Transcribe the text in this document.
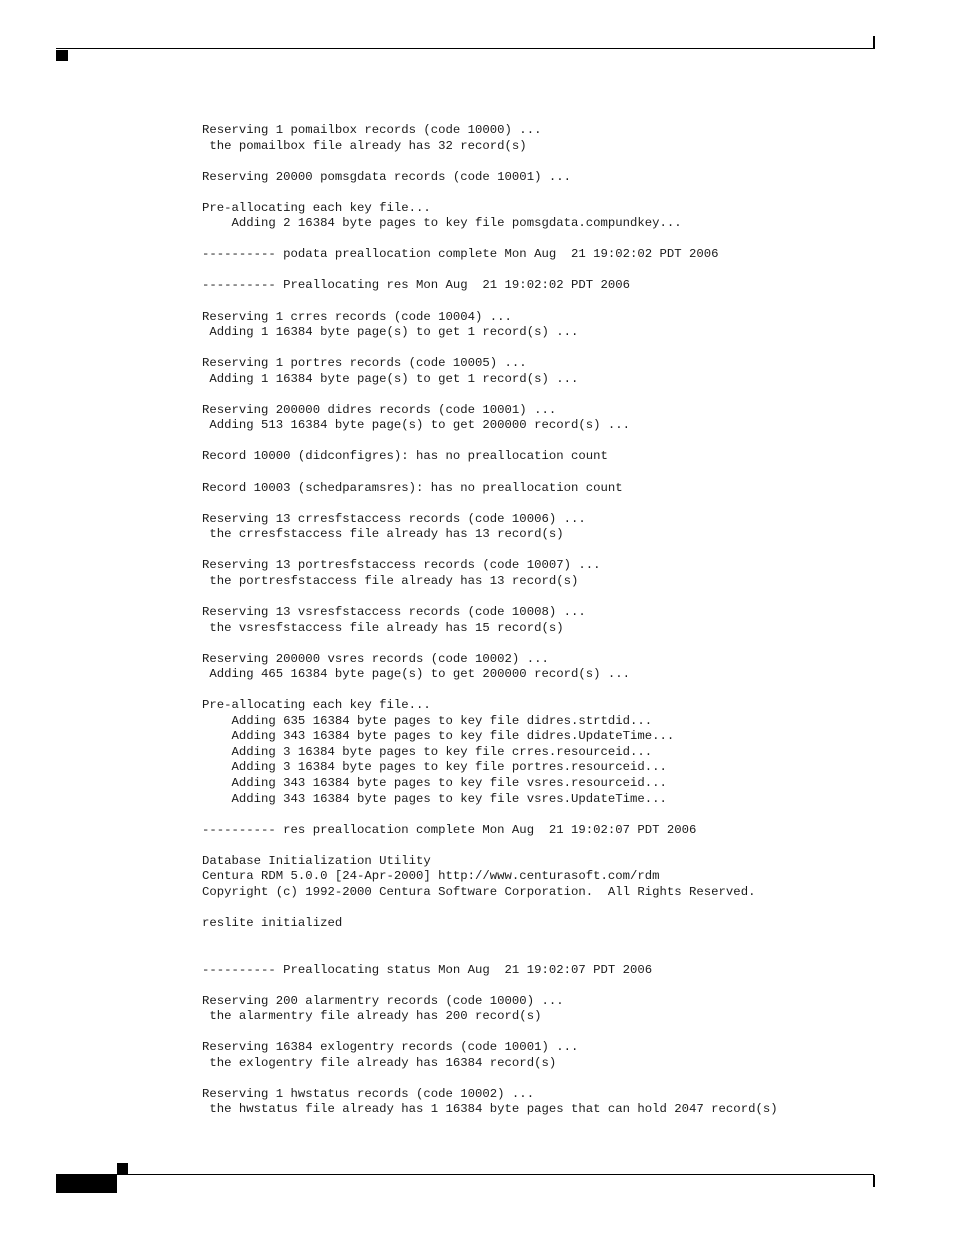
Reserving 1 pomailbox records (code 10000) ...
the pomailbox file already has 32 record(s)
Reserving 20000 pomsgdata records (code 10001) ...
Pre-allocating each key file...
Adding 2 16384 byte pages to key file pomsgdata.compundkey...
---------- podata preallocation complete Mon Aug  21 19:02:02 PDT 2006
---------- Preallocating res Mon Aug  21 19:02:02 PDT 2006
Reserving 1 crres records (code 10004) ...
Adding 1 16384 byte page(s) to get 1 record(s) ...
Reserving 1 portres records (code 10005) ...
Adding 1 16384 byte page(s) to get 1 record(s) ...
Reserving 200000 didres records (code 10001) ...
Adding 513 16384 byte page(s) to get 200000 record(s) ...
Record 10000 (didconfigres): has no preallocation count
Record 10003 (schedparamsres): has no preallocation count
Reserving 13 crresfstaccess records (code 10006) ...
the crresfstaccess file already has 13 record(s)
Reserving 13 portresfstaccess records (code 10007) ...
the portresfstaccess file already has 13 record(s)
Reserving 13 vsresfstaccess records (code 10008) ...
the vsresfstaccess file already has 15 record(s)
Reserving 200000 vsres records (code 10002) ...
Adding 465 16384 byte page(s) to get 200000 record(s) ...
Pre-allocating each key file...
Adding 635 16384 byte pages to key file didres.strtdid...
Adding 343 16384 byte pages to key file didres.UpdateTime...
Adding 3 16384 byte pages to key file crres.resourceid...
Adding 3 16384 byte pages to key file portres.resourceid...
Adding 343 16384 byte pages to key file vsres.resourceid...
Adding 343 16384 byte pages to key file vsres.UpdateTime...
---------- res preallocation complete Mon Aug  21 19:02:07 PDT 2006
Database Initialization Utility
Centura RDM 5.0.0 [24-Apr-2000] http://www.centurasoft.com/rdm
Copyright (c) 1992-2000 Centura Software Corporation.  All Rights Reserved.
reslite initialized
---------- Preallocating status Mon Aug  21 19:02:07 PDT 2006
Reserving 200 alarmentry records (code 10000) ...
the alarmentry file already has 200 record(s)
Reserving 16384 exlogentry records (code 10001) ...
the exlogentry file already has 16384 record(s)
Reserving 1 hwstatus records (code 10002) ...
the hwstatus file already has 1 16384 byte pages that can hold 2047 record(s)
